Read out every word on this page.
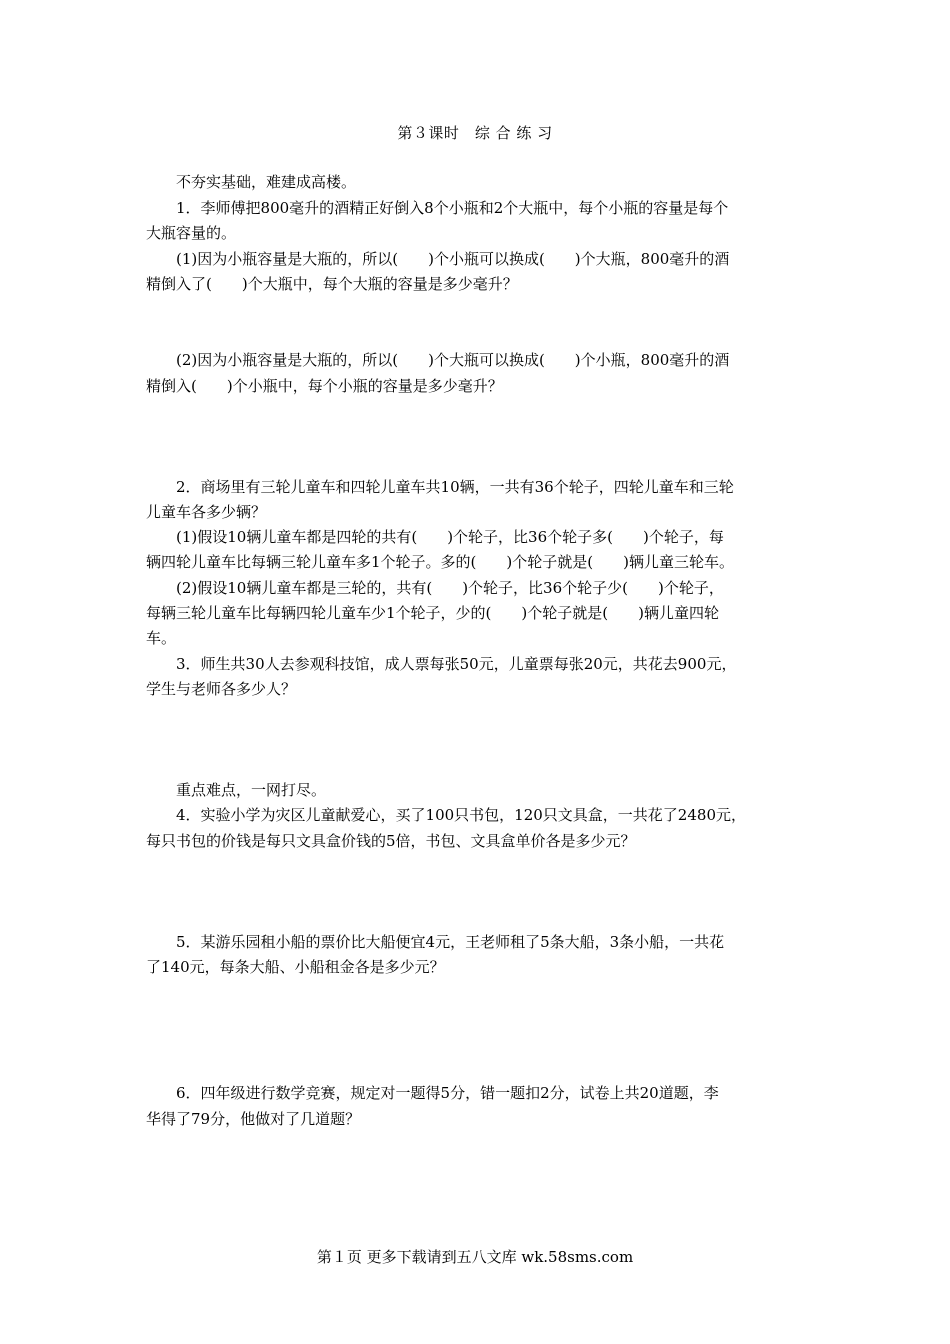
第３课时　综 合 练 习
不夯实基础，难建成高楼。
1．李师傅把800毫升的酒精正好倒入8个小瓶和2个大瓶中，每个小瓶的容量是每个
大瓶容量的。
(1)因为小瓶容量是大瓶的，所以(　　)个小瓶可以换成(　　)个大瓶，800毫升的酒
精倒入了(　　)个大瓶中，每个大瓶的容量是多少毫升？
(2)因为小瓶容量是大瓶的，所以(　　)个大瓶可以换成(　　)个小瓶，800毫升的酒
精倒入(　　)个小瓶中，每个小瓶的容量是多少毫升？
2．商场里有三轮儿童车和四轮儿童车共10辆，一共有36个轮子，四轮儿童车和三轮
儿童车各多少辆？
(1)假设10辆儿童车都是四轮的共有(　　)个轮子，比36个轮子多(　　)个轮子，每
辆四轮儿童车比每辆三轮儿童车多1个轮子。多的(　　)个轮子就是(　　)辆儿童三轮车。
(2)假设10辆儿童车都是三轮的，共有(　　)个轮子，比36个轮子少(　　)个轮子，
每辆三轮儿童车比每辆四轮儿童车少1个轮子，少的(　　)个轮子就是(　　)辆儿童四轮
车。
3．师生共30人去参观科技馆，成人票每张50元，儿童票每张20元，共花去900元，
学生与老师各多少人？
重点难点，一网打尽。
4．实验小学为灾区儿童献爱心，买了100只书包，120只文具盒，一共花了2480元，
每只书包的价钱是每只文具盒价钱的5倍，书包、文具盒单价各是多少元？
5．某游乐园租小船的票价比大船便宜4元，王老师租了5条大船，3条小船，一共花
了140元，每条大船、小船租金各是多少元？
6．四年级进行数学竞赛，规定对一题得5分，错一题扣2分，试卷上共20道题，李
华得了79分，他做对了几道题？
第１页 更多下载请到五八文库 wk.58sms.com
